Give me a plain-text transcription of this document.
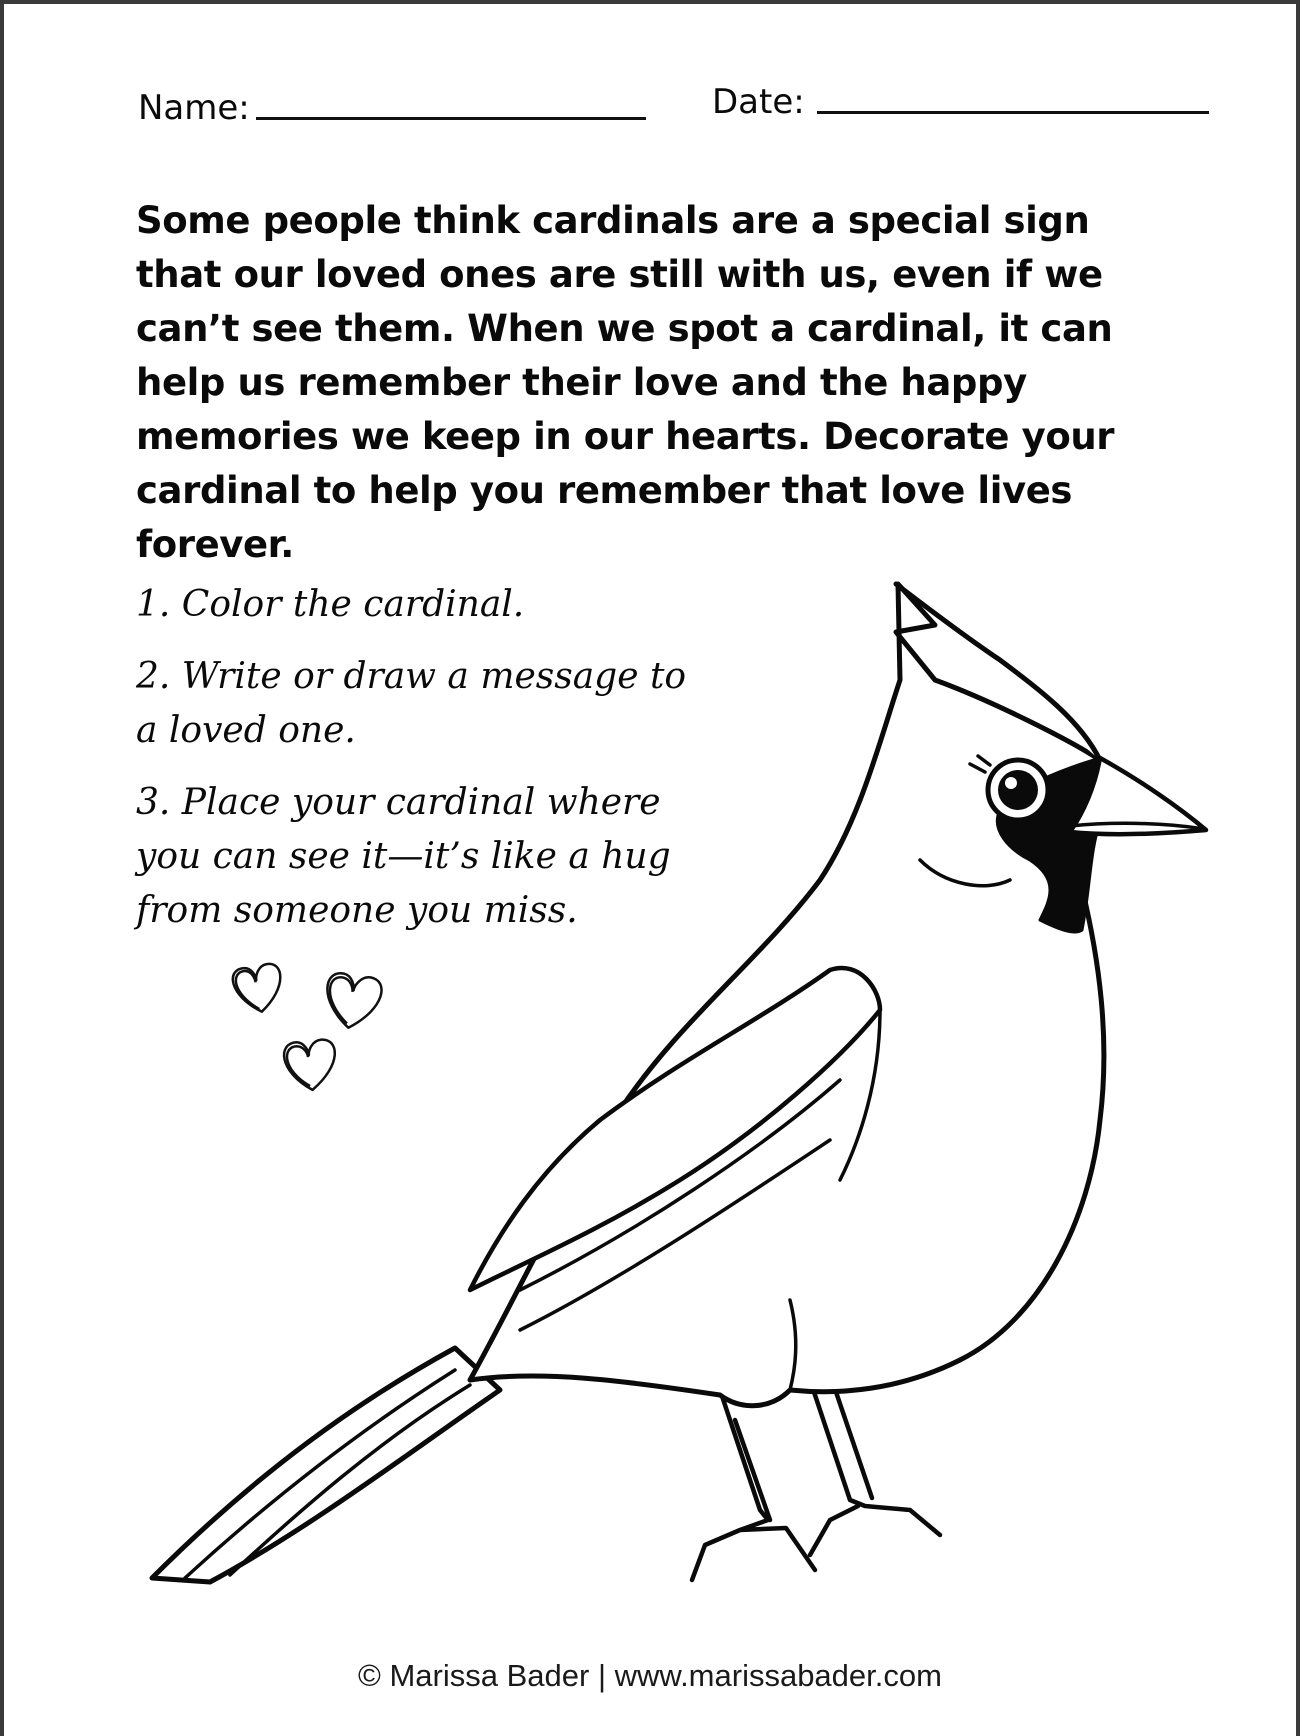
Name:	Date:

Some people think cardinals are a special sign that our loved ones are still with us, even if we can’t see them. When we spot a cardinal, it can help us remember their love and the happy memories we keep in our hearts. Decorate your cardinal to help you remember that love lives forever.

1. Color the cardinal.
2. Write or draw a message to a loved one.
3. Place your cardinal where you can see it—it’s like a hug from someone you miss.
© Marissa Bader | www.marissabader.com
